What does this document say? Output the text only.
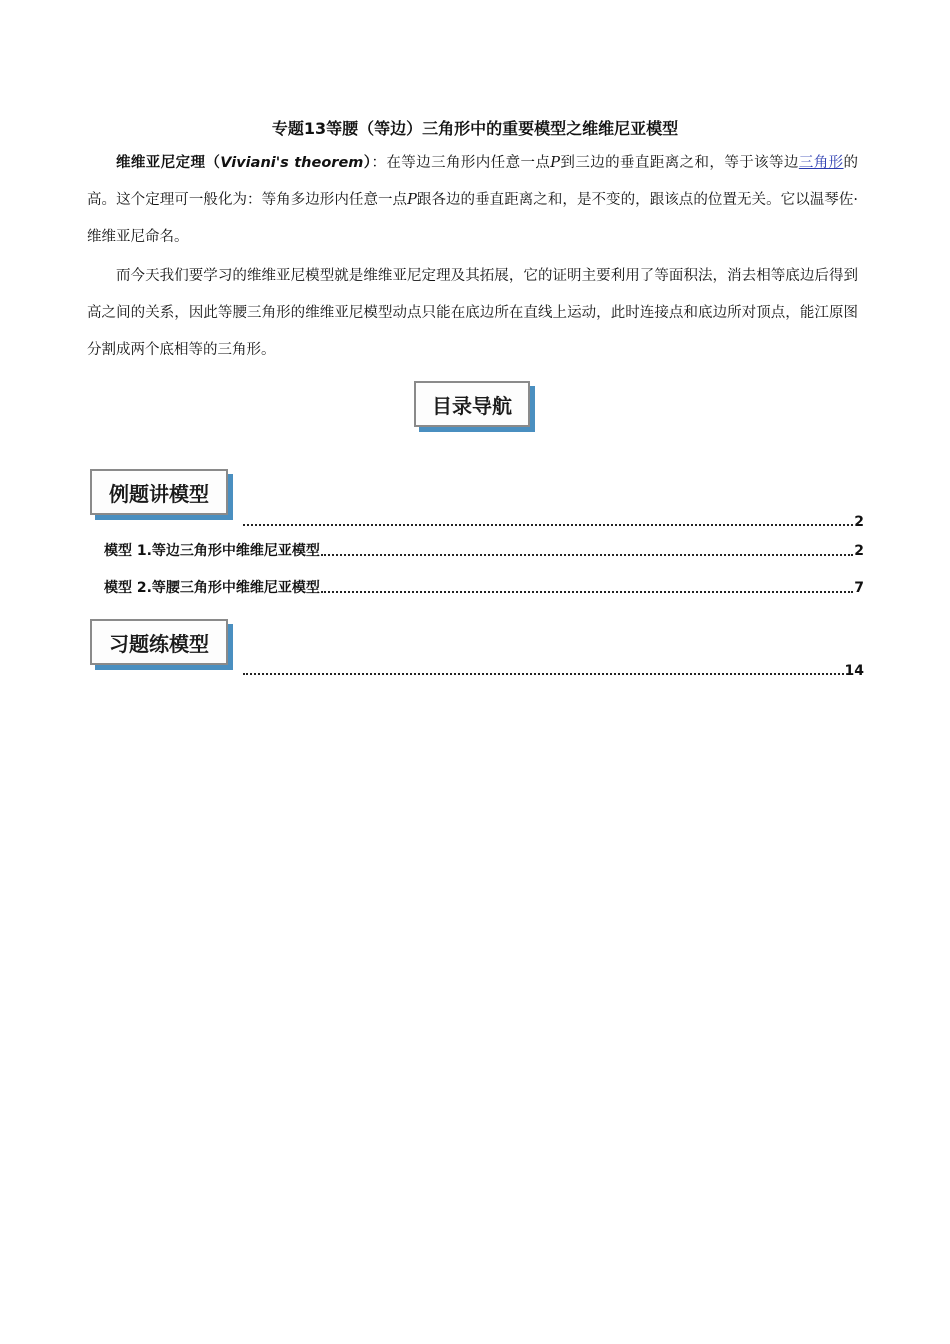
专题13等腰（等边）三角形中的重要模型之维维尼亚模型

维维亚尼定理（Viviani's theorem）：在等边三角形内任意一点P到三边的垂直距离之和，等于该等边三角形的高。这个定理可一般化为：等角多边形内任意一点P跟各边的垂直距离之和，是不变的，跟该点的位置无关。它以温琴佐·维维亚尼命名。

而今天我们要学习的维维亚尼模型就是维维亚尼定理及其拓展，它的证明主要利用了等面积法，消去相等底边后得到高之间的关系，因此等腰三角形的维维亚尼模型动点只能在底边所在直线上运动，此时连接点和底边所对顶点，能江原图分割成两个底相等的三角形。

目录导航
例题讲模型
2
模型 1.等边三角形中维维尼亚模型	2
模型 2.等腰三角形中维维尼亚模型	7
习题练模型
14
